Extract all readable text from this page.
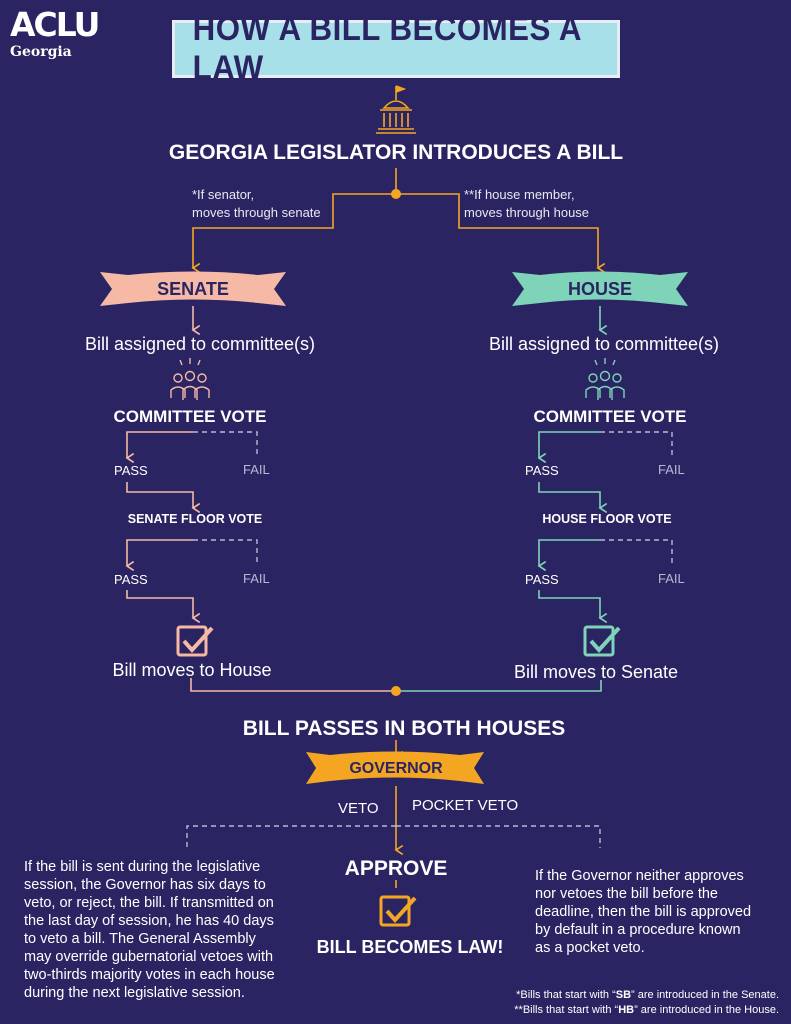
ACLU
Georgia
HOW A BILL BECOMES A LAW
GEORGIA LEGISLATOR INTRODUCES A BILL
*If senator,
moves through senate
**If house member,
moves through house
SENATE	HOUSE
Bill assigned to committee(s)
COMMITTEE VOTE
PASS	FAIL
SENATE FLOOR VOTE
PASS	FAIL
Bill moves to House
Bill assigned to committee(s)
COMMITTEE VOTE
PASS	FAIL
HOUSE FLOOR VOTE
PASS	FAIL
Bill moves to Senate
BILL PASSES IN BOTH HOUSES
GOVERNOR
VETO POCKET VETO
APPROVE
BILL BECOMES LAW!
If the bill is sent during the legislative
session, the Governor has six days to
veto, or reject, the bill. If transmitted on
the last day of session, he has 40 days
to veto a bill. The General Assembly
may override gubernatorial vetoes with
two-thirds majority votes in each house
during the next legislative session.
If the Governor neither approves
nor vetoes the bill before the
deadline, then the bill is approved
by default in a procedure known
as a pocket veto.
*Bills that start with “SB” are introduced in the Senate.
**Bills that start with “HB” are introduced in the House.
